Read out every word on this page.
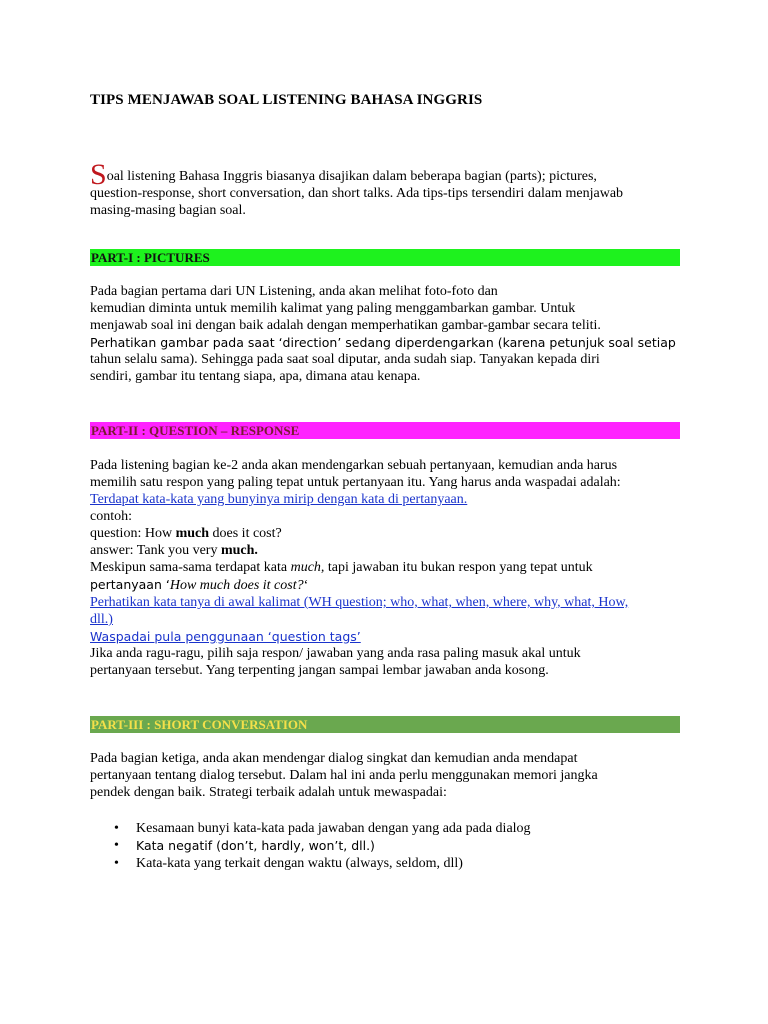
TIPS MENJAWAB SOAL LISTENING BAHASA INGGRIS
Soal listening Bahasa Inggris biasanya disajikan dalam beberapa bagian (parts); pictures,
question-response, short conversation, dan short talks. Ada tips-tips tersendiri dalam menjawab
masing-masing bagian soal.
PART-I : PICTURES
Pada bagian pertama dari UN Listening, anda akan melihat foto-foto dan
kemudian diminta untuk memilih kalimat yang paling menggambarkan gambar. Untuk
menjawab soal ini dengan baik adalah dengan memperhatikan gambar-gambar secara teliti.
Perhatikan gambar pada saat ‘direction’ sedang diperdengarkan (karena petunjuk soal setiap
tahun selalu sama). Sehingga pada saat soal diputar, anda sudah siap. Tanyakan kepada diri
sendiri, gambar itu tentang siapa, apa, dimana atau kenapa.
PART-II : QUESTION – RESPONSE
Pada listening bagian ke-2 anda akan mendengarkan sebuah pertanyaan, kemudian anda harus
memilih satu respon yang paling tepat untuk pertanyaan itu. Yang harus anda waspadai adalah:
Terdapat kata-kata yang bunyinya mirip dengan kata di pertanyaan.
contoh:
question: How much does it cost?
answer: Tank you very much.
Meskipun sama-sama terdapat kata much, tapi jawaban itu bukan respon yang tepat untuk
pertanyaan ‘How much does it cost?‘
Perhatikan kata tanya di awal kalimat (WH question; who, what, when, where, why, what, How,
dll.)
Waspadai pula penggunaan ‘question tags’
Jika anda ragu-ragu, pilih saja respon/ jawaban yang anda rasa paling masuk akal untuk
pertanyaan tersebut. Yang terpenting jangan sampai lembar jawaban anda kosong.
PART-III : SHORT CONVERSATION
Pada bagian ketiga, anda akan mendengar dialog singkat dan kemudian anda mendapat
pertanyaan tentang dialog tersebut. Dalam hal ini anda perlu menggunakan memori jangka
pendek dengan baik. Strategi terbaik adalah untuk mewaspadai:
• Kesamaan bunyi kata-kata pada jawaban dengan yang ada pada dialog
• Kata negatif (don’t, hardly, won’t, dll.)
• Kata-kata yang terkait dengan waktu (always, seldom, dll)
